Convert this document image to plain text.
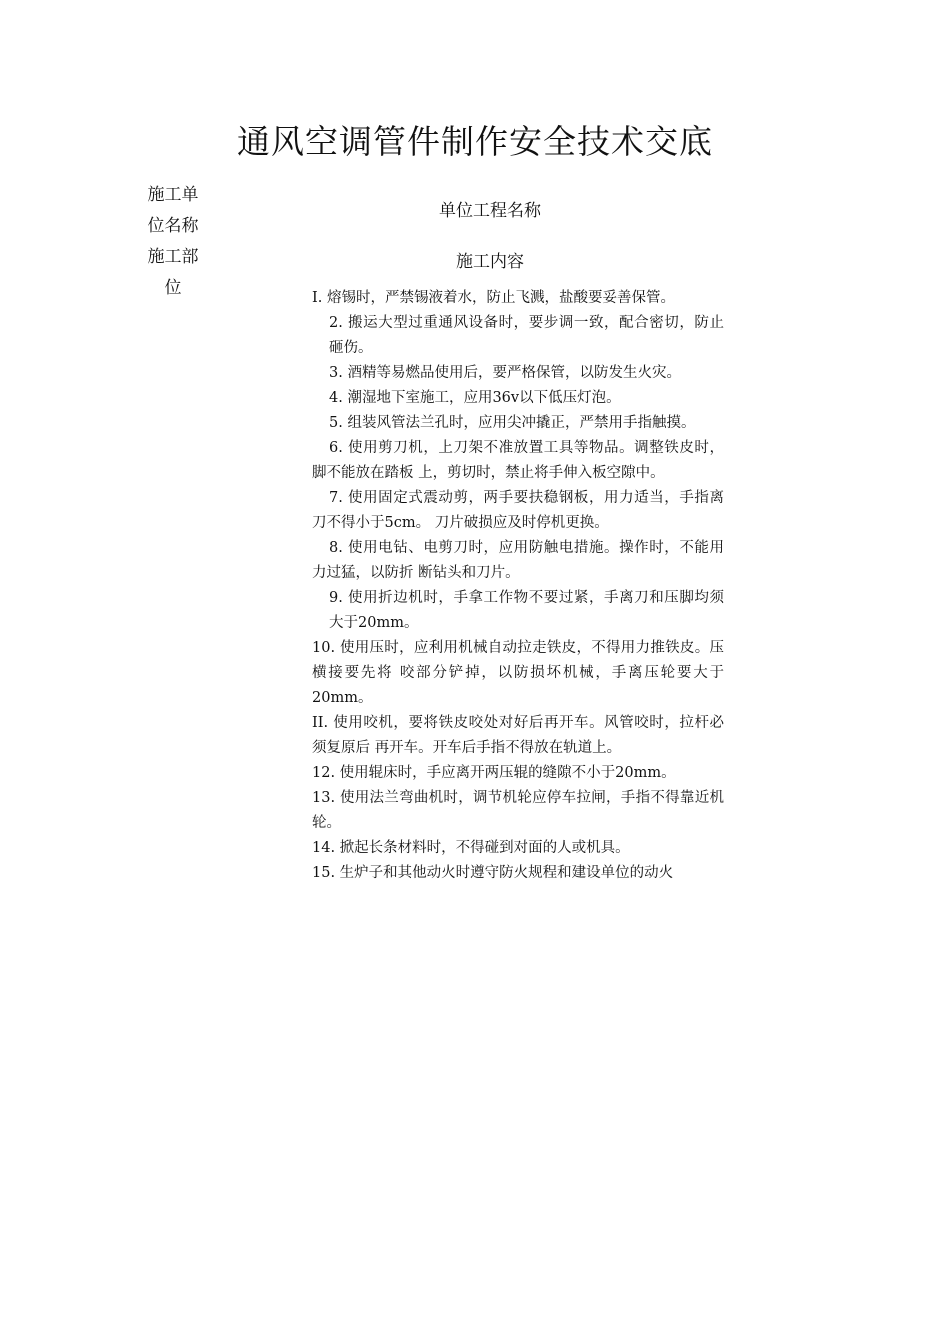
通风空调管件制作安全技术交底
施工单位名称
施工部位
单位工程名称
施工内容

I. 熔锡时，严禁锡液着水，防止飞溅，盐酸要妥善保管。

2. 搬运大型过重通风设备时，要步调一致，配合密切，防止砸伤。

3. 酒精等易燃品使用后，要严格保管，以防发生火灾。

4. 潮湿地下室施工，应用36v以下低压灯泡。

5. 组装风管法兰孔时，应用尖冲撬正，严禁用手指触摸。

6. 使用剪刀机，上刀架不准放置工具等物品。调整铁皮时，脚不能放在踏板 上，剪切时，禁止将手伸入板空隙中。

7. 使用固定式震动剪，两手要扶稳钢板，用力适当，手指离刀不得小于5cm。 刀片破损应及时停机更换。

8. 使用电钻、电剪刀时，应用防触电措施。操作时，不能用力过猛，以防折 断钻头和刀片。

9. 使用折边机时，手拿工作物不要过紧，手离刀和压脚均须大于20mm。

10. 使用压时，应利用机械自动拉走铁皮，不得用力推铁皮。压横接要先将 咬部分铲掉，以防损坏机械，手离压轮要大于20mm。

II. 使用咬机，要将铁皮咬处对好后再开车。风管咬时，拉杆必须复原后 再开车。开车后手指不得放在轨道上。

12. 使用辊床时，手应离开两压辊的缝隙不小于20mm。

13. 使用法兰弯曲机时，调节机轮应停车拉闸，手指不得靠近机轮。

14. 掀起长条材料时，不得碰到对面的人或机具。

15. 生炉子和其他动火时遵守防火规程和建设单位的动火
